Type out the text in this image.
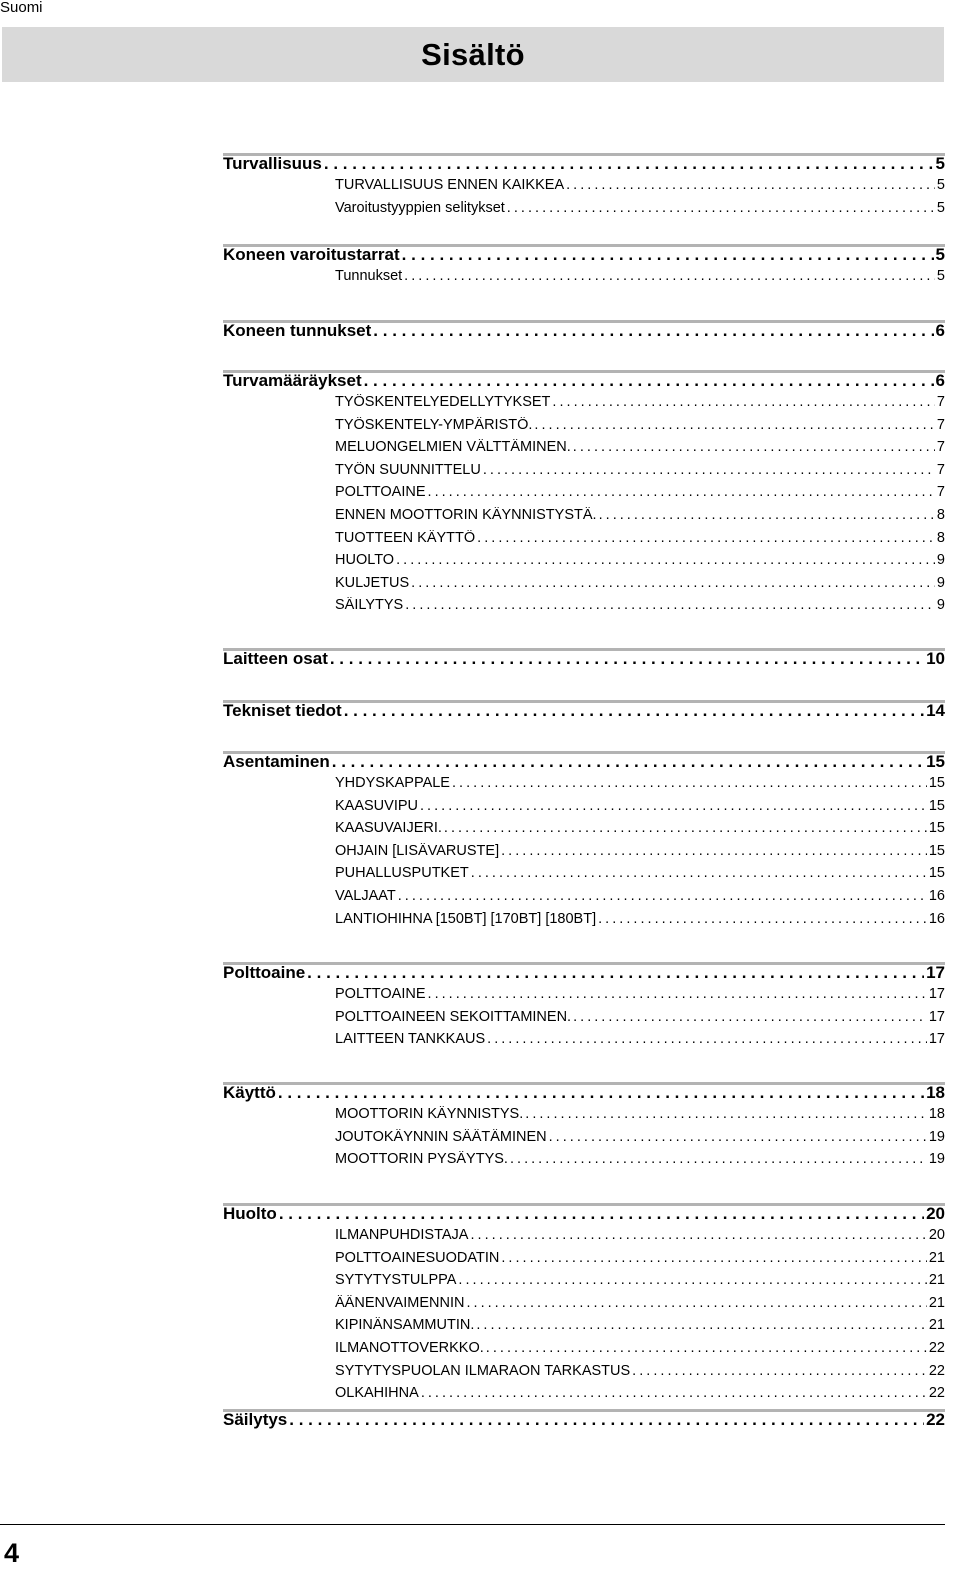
Suomi
Sisältö
Turvallisuus . . .	5
TURVALLISUUS ENNEN KAIKKEA . . .	5
Varoitustyyppien selitykset . . .	5
Koneen varoitustarrat . . .	5
Tunnukset . . .	5
Koneen tunnukset . . .	6
Turvamääräykset . . .	6
TYÖSKENTELYEDELLYTYKSET . . .	7
TYÖSKENTELY-YMPÄRISTÖ. . . .	7
MELUONGELMIEN VÄLTTÄMINEN. . . .	7
TYÖN SUUNNITTELU . . .	7
POLTTOAINE . . .	7
ENNEN MOOTTORIN KÄYNNISTYSTÄ. . . .	8
TUOTTEEN KÄYTTÖ . . .	8
HUOLTO . . .	9
KULJETUS . . .	9
SÄILYTYS . . .	9
Laitteen osat . . .	10
Tekniset tiedot . . .	14
Asentaminen . . .	15
YHDYSKAPPALE . . .	15
KAASUVIPU . . .	15
KAASUVAIJERI. . . .	15
OHJAIN [LISÄVARUSTE] . . .	15
PUHALLUSPUTKET . . .	15
VALJAAT . . .	16
LANTIOHIHNA [150BT] [170BT] [180BT] . . .	16
Polttoaine . . .	17
POLTTOAINE . . .	17
POLTTOAINEEN SEKOITTAMINEN. . . .	17
LAITTEEN TANKKAUS . . .	17
Käyttö . . .	18
MOOTTORIN KÄYNNISTYS. . . .	18
JOUTOKÄYNNIN SÄÄTÄMINEN . . .	19
MOOTTORIN PYSÄYTYS. . . .	19
Huolto . . .	20
ILMANPUHDISTAJA . . .	20
POLTTOAINESUODATIN . . .	21
SYTYTYSTULPPA . . .	21
ÄÄNENVAIMENNIN . . .	21
KIPINÄNSAMMUTIN. . . .	21
ILMANOTTOVERKKO. . . .	22
SYTYTYSPUOLAN ILMARAON TARKASTUS . . .	22
OLKAHIHNA . . .	22
Säilytys . . .	22
4
